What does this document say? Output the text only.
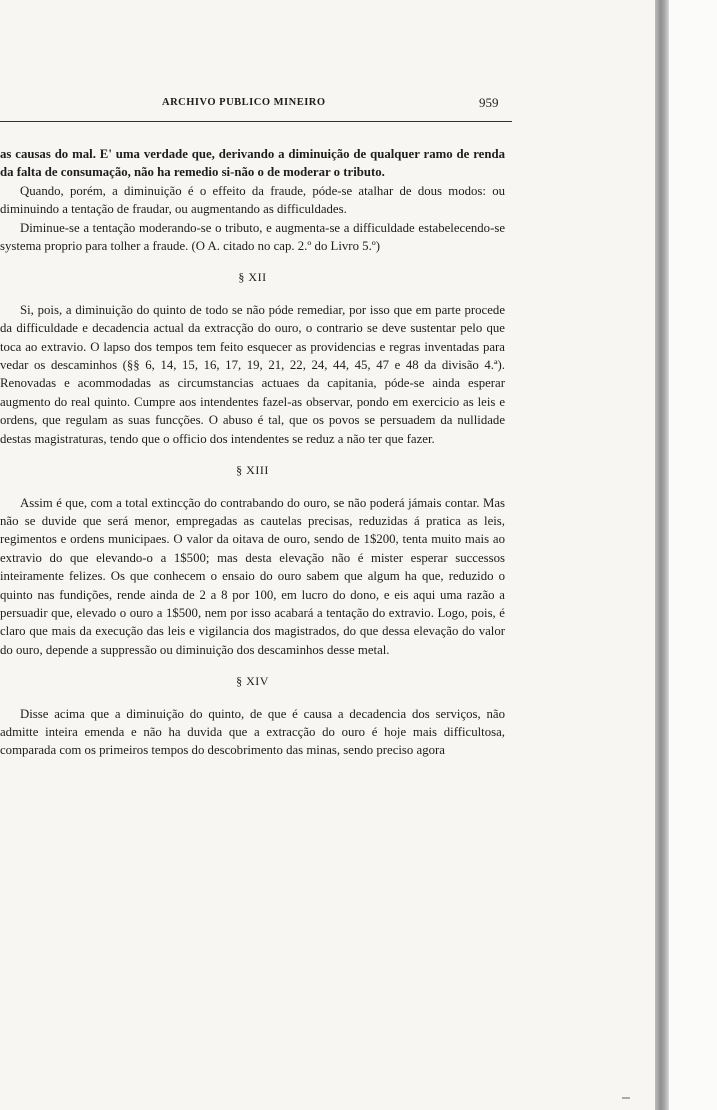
ARCHIVO PUBLICO MINEIRO	959

as causas do mal. E' uma verdade que, derivando a diminuição de qualquer ramo de renda da falta de consumação, não ha remedio si-não o de moderar o tributo.

Quando, porém, a diminuição é o effeito da fraude, póde-se atalhar de dous modos: ou diminuindo a tentação de fraudar, ou augmentando as difficuldades.

Diminue-se a tentação moderando-se o tributo, e augmenta-se a difficuldade estabelecendo-se systema proprio para tolher a fraude. (O A. citado no cap. 2.º do Livro 5.º)

§ XII

Si, pois, a diminuição do quinto de todo se não póde remediar, por isso que em parte procede da difficuldade e decadencia actual da extracção do ouro, o contrario se deve sustentar pelo que toca ao extravio. O lapso dos tempos tem feito esquecer as providencias e regras inventadas para vedar os descaminhos (§§ 6, 14, 15, 16, 17, 19, 21, 22, 24, 44, 45, 47 e 48 da divisão 4.ª). Renovadas e acommodadas as circumstancias actuaes da capitania, póde-se ainda esperar augmento do real quinto. Cumpre aos intendentes fazel-as observar, pondo em exercicio as leis e ordens, que regulam as suas funcções. O abuso é tal, que os povos se persuadem da nullidade destas magistraturas, tendo que o officio dos intendentes se reduz a não ter que fazer.

§ XIII

Assim é que, com a total extincção do contrabando do ouro, se não poderá jámais contar. Mas não se duvide que será menor, empregadas as cautelas precisas, reduzidas á pratica as leis, regimentos e ordens municipaes. O valor da oitava de ouro, sendo de 1$200, tenta muito mais ao extravio do que elevando-o a 1$500; mas desta elevação não é mister esperar successos inteiramente felizes. Os que conhecem o ensaio do ouro sabem que algum ha que, reduzido o quinto nas fundições, rende ainda de 2 a 8 por 100, em lucro do dono, e eis aqui uma razão a persuadir que, elevado o ouro a 1$500, nem por isso acabará a tentação do extravio. Logo, pois, é claro que mais da execução das leis e vigilancia dos magistrados, do que dessa elevação do valor do ouro, depende a suppressão ou diminuição dos descaminhos desse metal.

§ XIV

Disse acima que a diminuição do quinto, de que é causa a decadencia dos serviços, não admitte inteira emenda e não ha duvida que a extracção do ouro é hoje mais difficultosa, comparada com os primeiros tempos do descobrimento das minas, sendo preciso agora
